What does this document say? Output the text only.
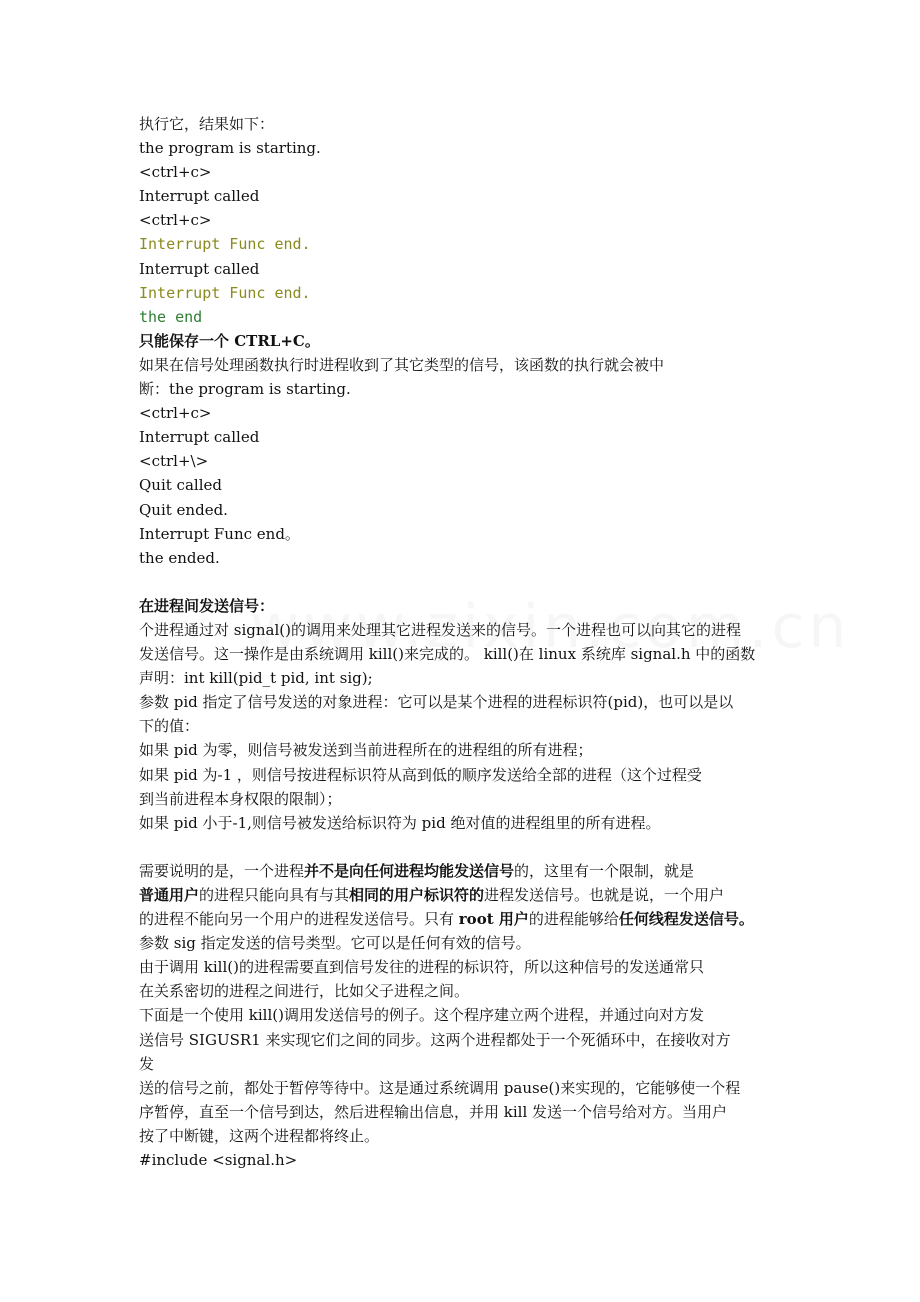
执行它，结果如下：
the program is starting.
<ctrl+c>
Interrupt called
<ctrl+c>
Interrupt Func end.
Interrupt called
Interrupt Func end.
the end
只能保存一个 CTRL+C。
如果在信号处理函数执行时进程收到了其它类型的信号，该函数的执行就会被中
断：the program is starting.
<ctrl+c>
Interrupt called
<ctrl+\>
Quit called
Quit ended.
Interrupt Func end。
the ended.
在进程间发送信号：
个进程通过对 signal()的调用来处理其它进程发送来的信号。一个进程也可以向其它的进程
发送信号。这一操作是由系统调用 kill()来完成的。 kill()在 linux 系统库 signal.h 中的函数
声明：int kill(pid_t pid, int sig);
参数 pid 指定了信号发送的对象进程：它可以是某个进程的进程标识符(pid)，也可以是以
下的值：
如果 pid 为零，则信号被发送到当前进程所在的进程组的所有进程；
如果 pid 为-1 ，则信号按进程标识符从高到低的顺序发送给全部的进程（这个过程受
到当前进程本身权限的限制）；
如果 pid 小于-1,则信号被发送给标识符为 pid 绝对值的进程组里的所有进程。
需要说明的是，一个进程并不是向任何进程均能发送信号的，这里有一个限制，就是
普通用户的进程只能向具有与其相同的用户标识符的进程发送信号。也就是说，一个用户
的进程不能向另一个用户的进程发送信号。只有 root 用户的进程能够给任何线程发送信号。
参数 sig 指定发送的信号类型。它可以是任何有效的信号。
由于调用 kill()的进程需要直到信号发往的进程的标识符，所以这种信号的发送通常只
在关系密切的进程之间进行，比如父子进程之间。
下面是一个使用 kill()调用发送信号的例子。这个程序建立两个进程，并通过向对方发
送信号 SIGUSR1 来实现它们之间的同步。这两个进程都处于一个死循环中，在接收对方
发
送的信号之前，都处于暂停等待中。这是通过系统调用 pause()来实现的，它能够使一个程
序暂停，直至一个信号到达，然后进程输出信息，并用 kill 发送一个信号给对方。当用户
按了中断键，这两个进程都将终止。
#include <signal.h>
